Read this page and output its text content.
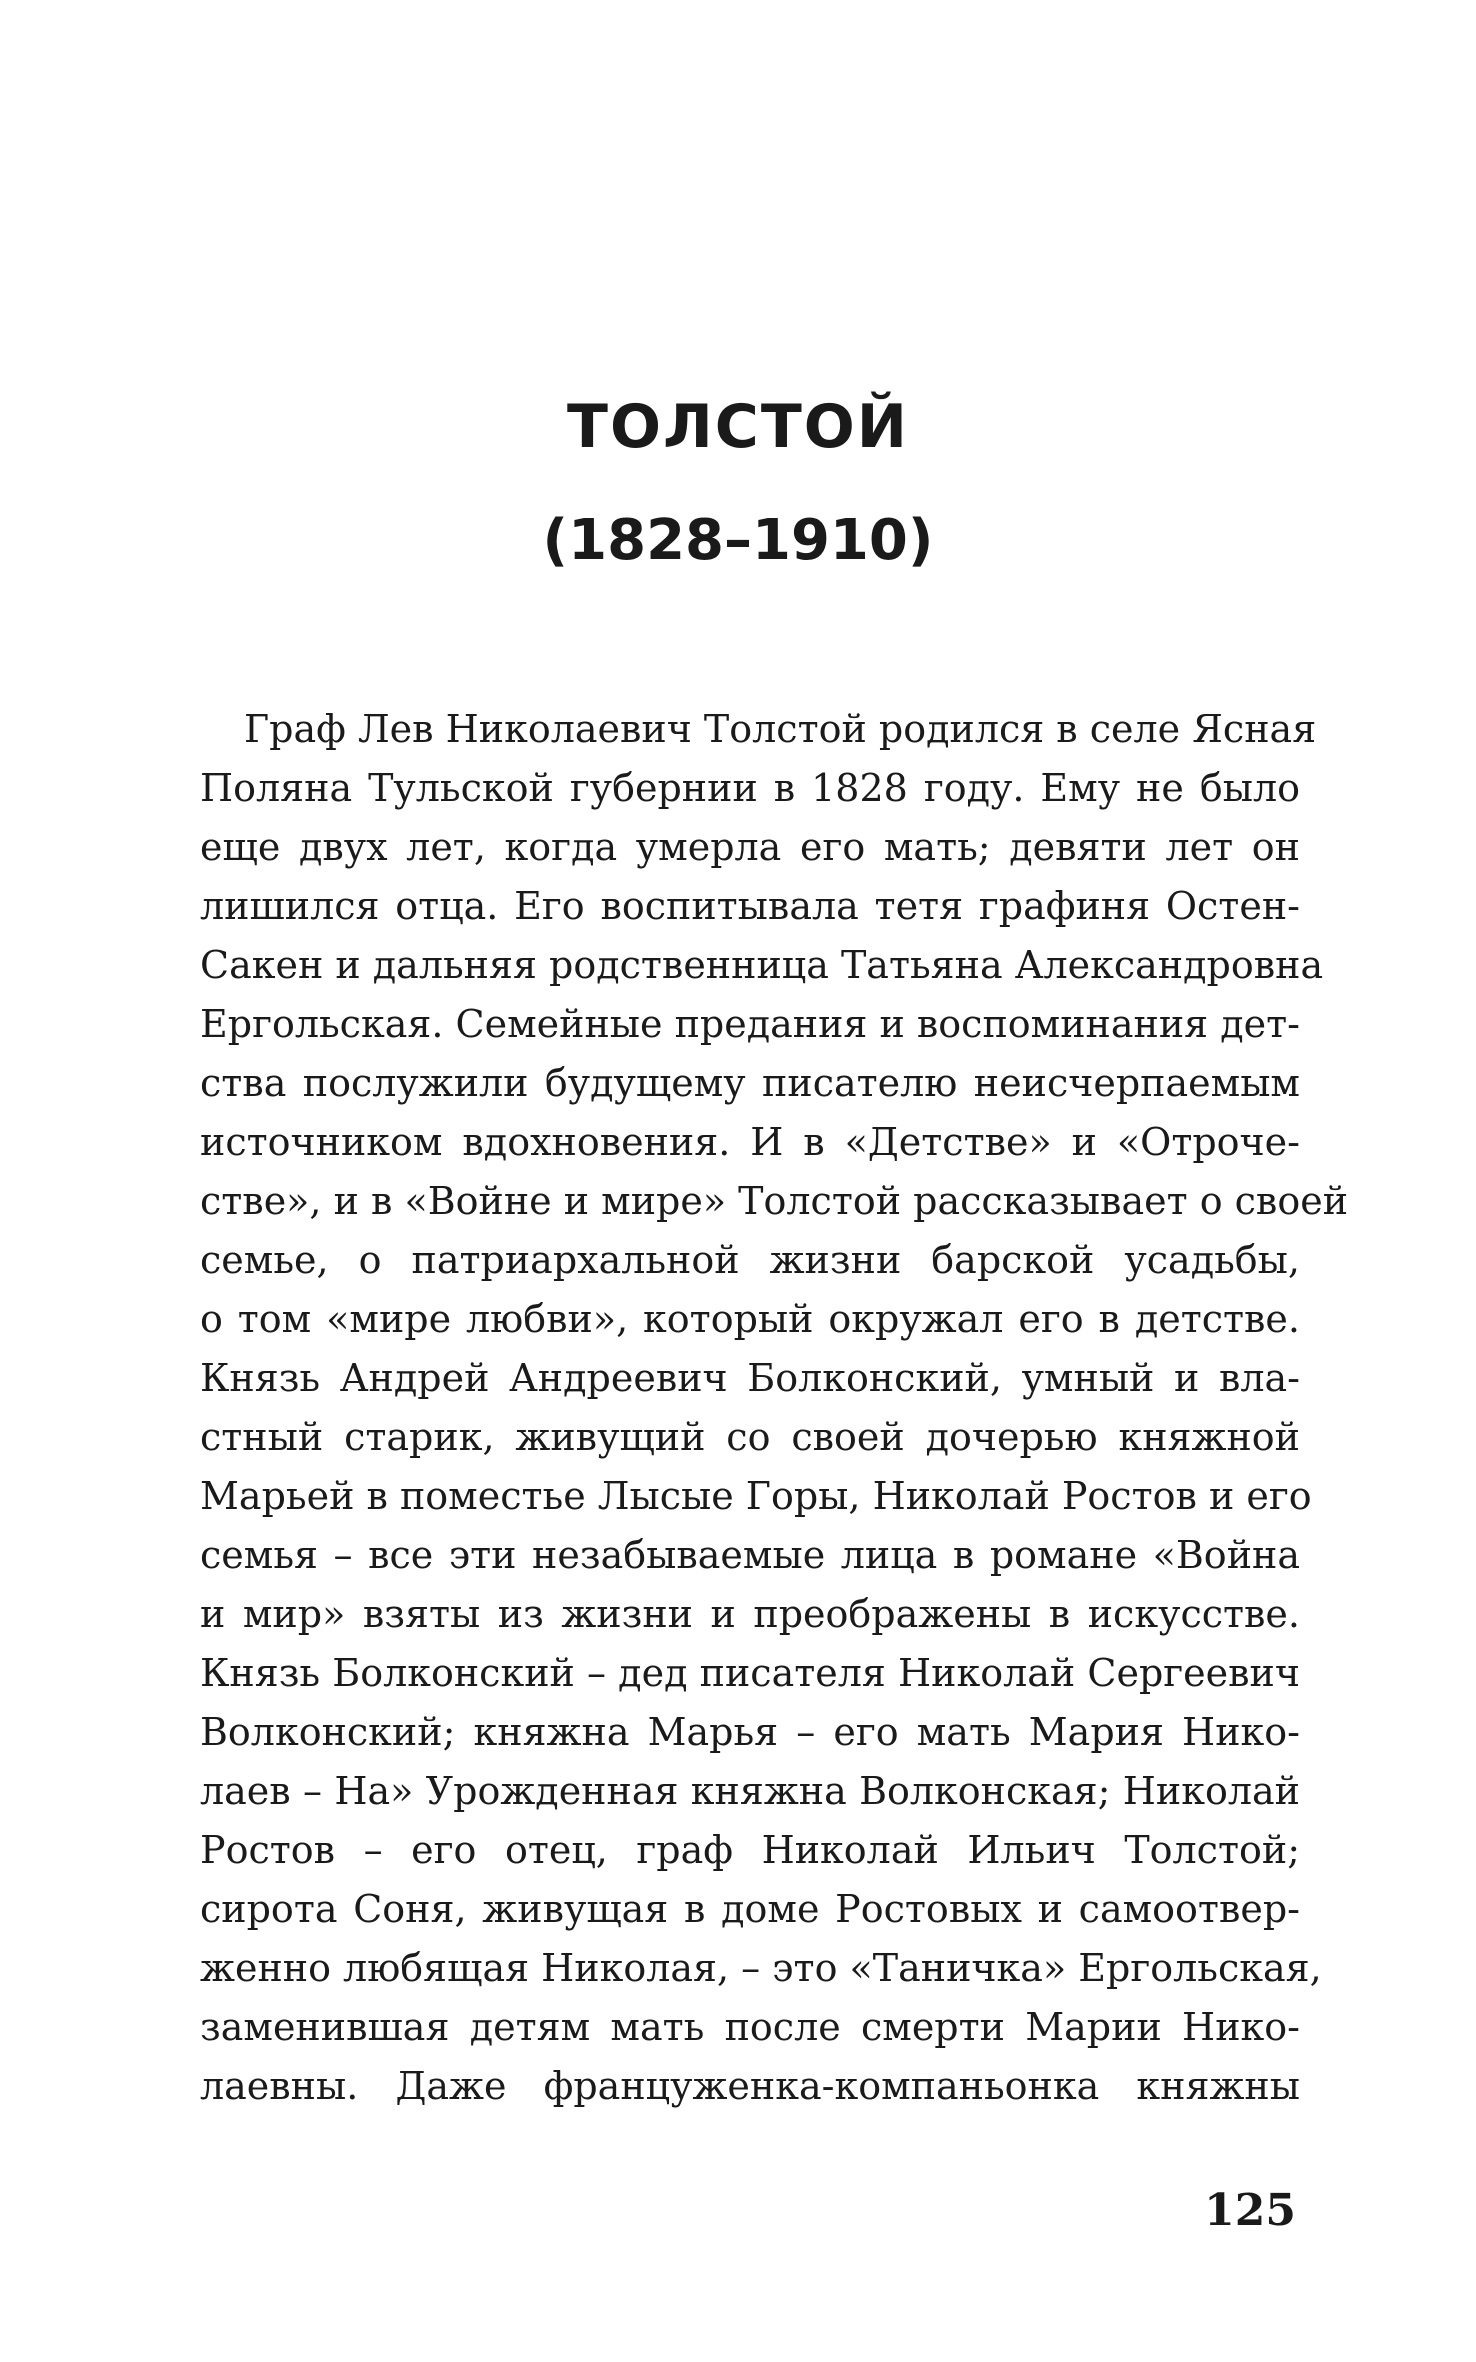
ТОЛСТОЙ
(1828–1910)
Граф Лев Николаевич Толстой родился в селе Ясная
Поляна Тульской губернии в 1828 году. Ему не было
еще двух лет, когда умерла его мать; девяти лет он
лишился отца. Его воспитывала тетя графиня Остен-
Сакен и дальняя родственница Татьяна Александровна
Ергольская. Семейные предания и воспоминания дет-
ства послужили будущему писателю неисчерпаемым
источником вдохновения. И в «Детстве» и «Отроче-
стве», и в «Войне и мире» Толстой рассказывает о своей
семье, о патриархальной жизни барской усадьбы,
о том «мире любви», который окружал его в детстве.
Князь Андрей Андреевич Болконский, умный и вла-
стный старик, живущий со своей дочерью княжной
Марьей в поместье Лысые Горы, Николай Ростов и его
семья – все эти незабываемые лица в романе «Война
и мир» взяты из жизни и преображены в искусстве.
Князь Болконский – дед писателя Николай Сергеевич
Волконский; княжна Марья – его мать Мария Нико-
лаев – На» Урожденная княжна Волконская; Николай
Ростов – его отец, граф Николай Ильич Толстой;
сирота Соня, живущая в доме Ростовых и самоотвер-
женно любящая Николая, – это «Таничка» Ергольская,
заменившая детям мать после смерти Марии Нико-
лаевны. Даже француженка-компаньонка княжны
125
